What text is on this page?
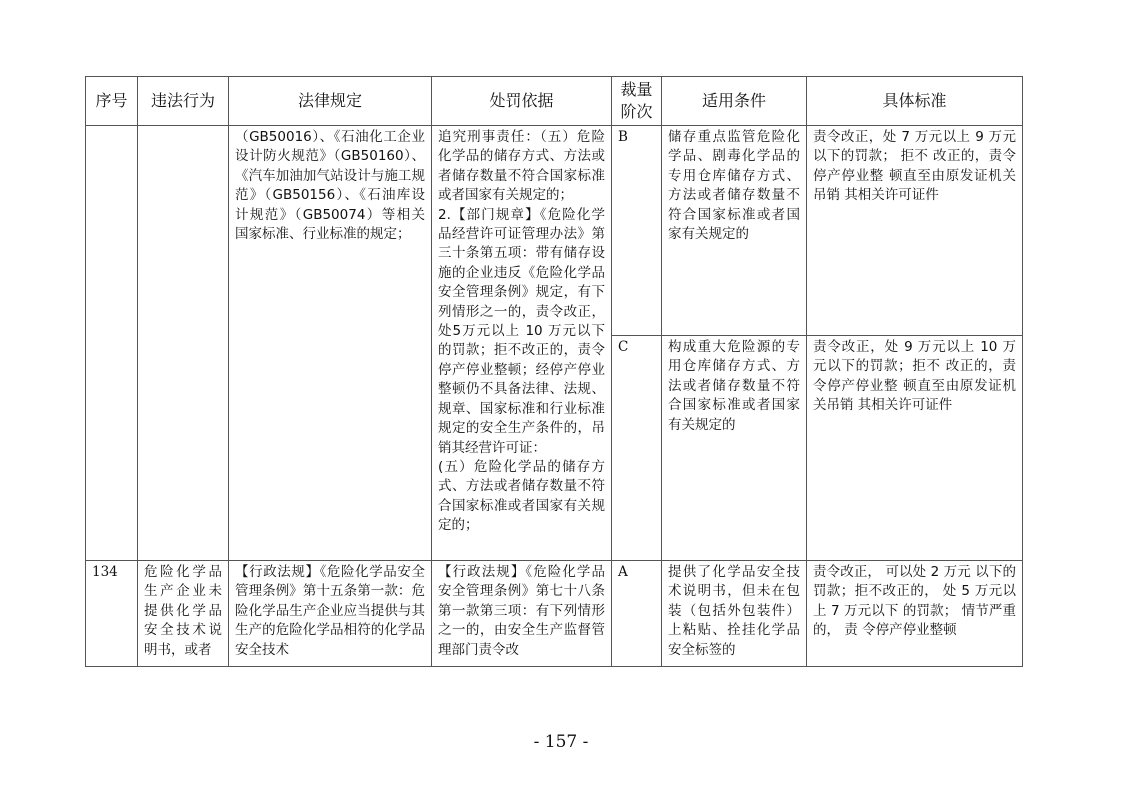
序号	违法行为	法律规定	处罚依据	裁量阶次	适用条件	具体标准
		（GB50016）、《石油化工企业设计防火规范》（GB50160）、《汽车加油加气站设计与施工规范》（GB50156）、《石油库设计规范》（GB50074）等相关国家标准、行业标准的规定；	追究刑事责任：（五）危险化学品的储存方式、方法或者储存数量不符合国家标准或者国家有关规定的；
2.【部门规章】《危险化学品经营许可证管理办法》第三十条第五项：带有储存设施的企业违反《危险化学品安全管理条例》规定，有下列情形之一的，责令改正，处5万元以上 10 万元以下的罚款；拒不改正的，责令停产停业整顿；经停产停业整顿仍不具备法律、法规、规章、国家标准和行业标准规定的安全生产条件的，吊销其经营许可证：
(五）危险化学品的储存方式、方法或者储存数量不符合国家标准或者国家有关规定的；	B	储存重点监管危险化学品、剧毒化学品的专用仓库储存方式、方法或者储存数量不符合国家标准或者国家有关规定的	责令改正，处 7 万元以上 9 万元以下的罚款； 拒不 改正的，责令停产停业整 顿直至由原发证机关吊销 其相关许可证件
				C	构成重大危险源的专用仓库储存方式、方法或者储存数量不符合国家标准或者国家有关规定的	责令改正，处 9 万元以上 10 万元以下的罚款；拒不 改正的，责令停产停业整 顿直至由原发证机关吊销 其相关许可证件
134	危险化学品生产企业未提供化学品安全技术说明书，或者	【行政法规】《危险化学品安全管理条例》第十五条第一款：危险化学品生产企业应当提供与其生产的危险化学品相符的化学品安全技术	【行政法规】《危险化学品安全管理条例》第七十八条第一款第三项：有下列情形之一的，由安全生产监督管理部门责令改	A	提供了化学品安全技术说明书，但未在包装（包括外包装件）上粘贴、拴挂化学品安全标签的	责令改正， 可以处 2 万元 以下的罚款；拒不改正的， 处 5 万元以上 7 万元以下 的罚款； 情节严重的， 责 令停产停业整顿
- 157 -
